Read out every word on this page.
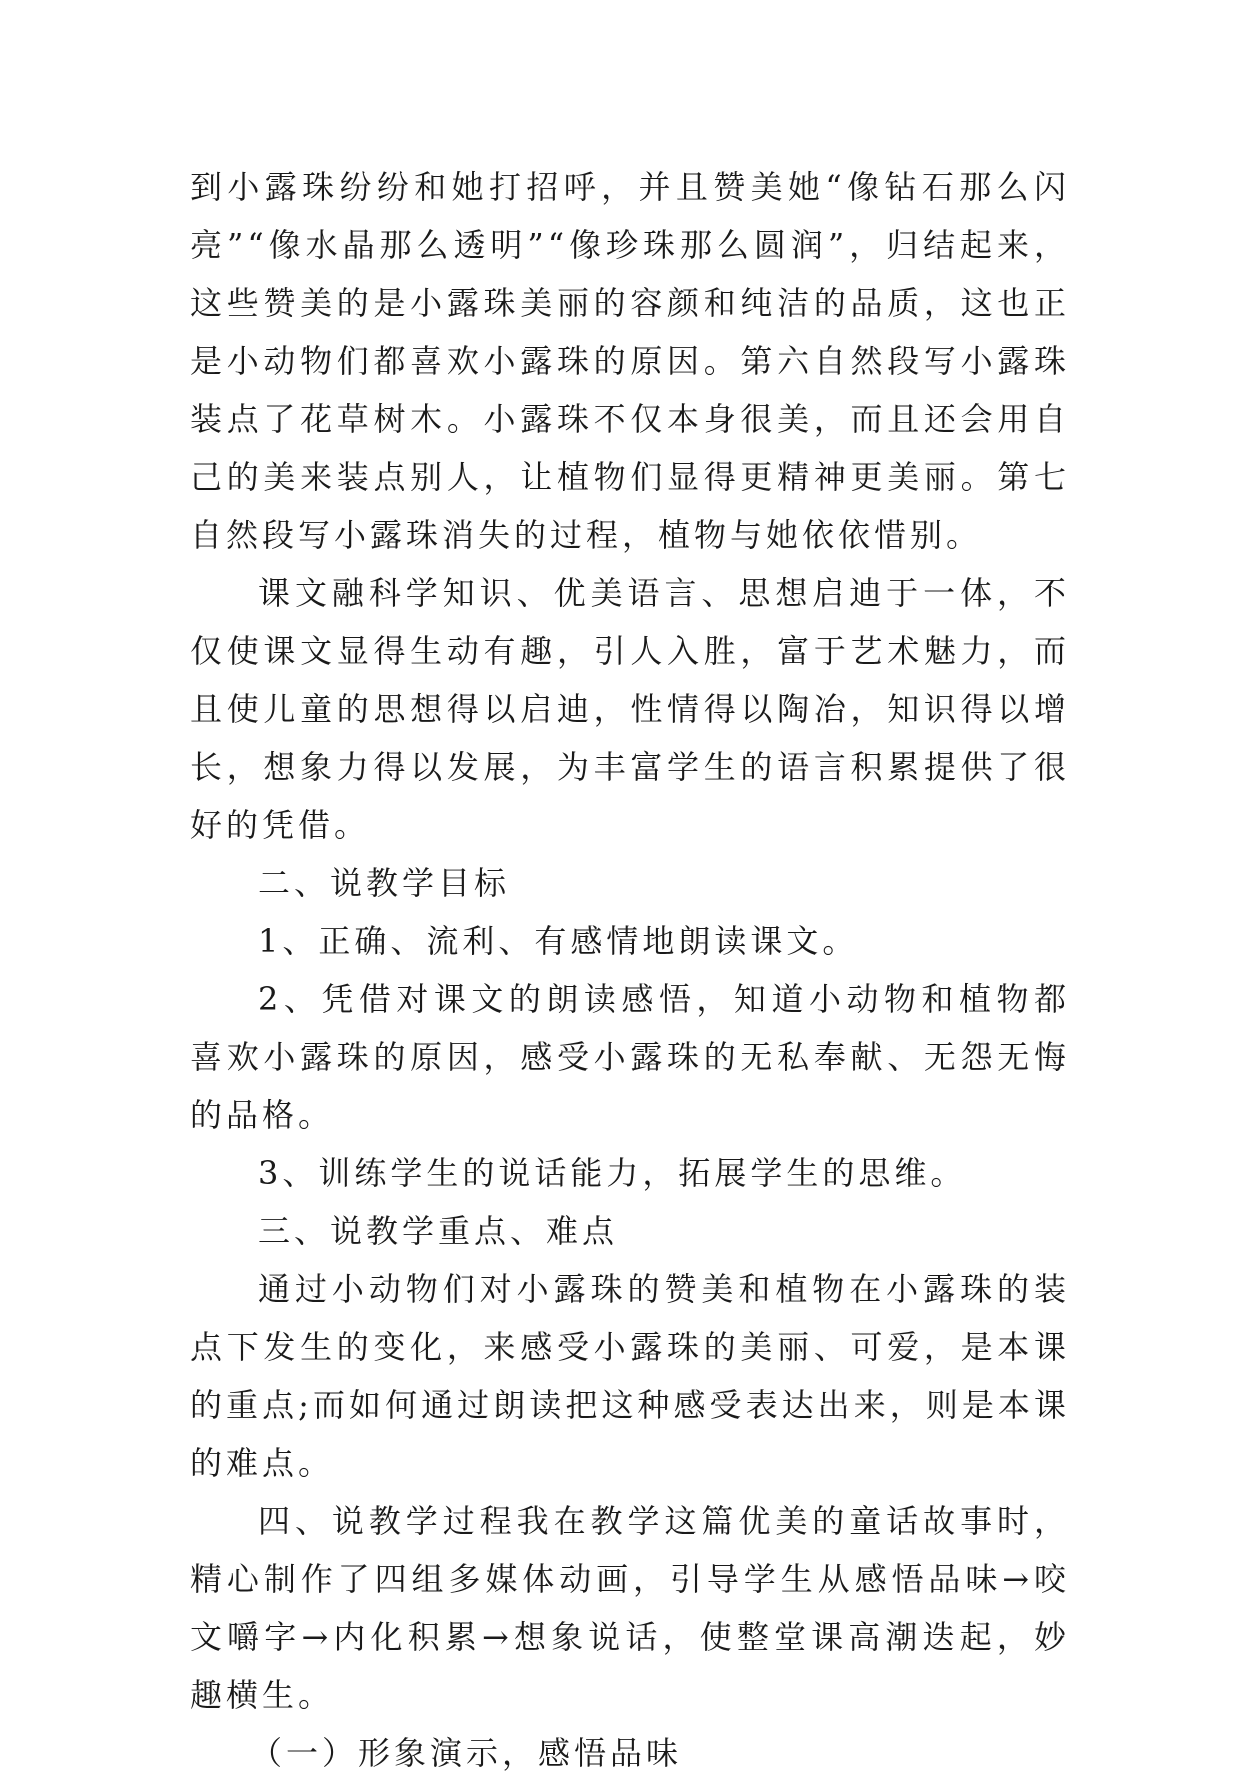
到小露珠纷纷和她打招呼，并且赞美她“像钻石那么闪亮”“像水晶那么透明”“像珍珠那么圆润”，归结起来，这些赞美的是小露珠美丽的容颜和纯洁的品质，这也正是小动物们都喜欢小露珠的原因。第六自然段写小露珠装点了花草树木。小露珠不仅本身很美，而且还会用自己的美来装点别人，让植物们显得更精神更美丽。第七自然段写小露珠消失的过程，植物与她依依惜别。

课文融科学知识、优美语言、思想启迪于一体，不仅使课文显得生动有趣，引人入胜，富于艺术魅力，而且使儿童的思想得以启迪，性情得以陶冶，知识得以增长，想象力得以发展，为丰富学生的语言积累提供了很好的凭借。

二、说教学目标

1、正确、流利、有感情地朗读课文。

2、凭借对课文的朗读感悟，知道小动物和植物都喜欢小露珠的原因，感受小露珠的无私奉献、无怨无悔的品格。

3、训练学生的说话能力，拓展学生的思维。

三、说教学重点、难点

通过小动物们对小露珠的赞美和植物在小露珠的装点下发生的变化，来感受小露珠的美丽、可爱，是本课的重点;而如何通过朗读把这种感受表达出来，则是本课的难点。

四、说教学过程我在教学这篇优美的童话故事时，精心制作了四组多媒体动画，引导学生从感悟品味→咬文嚼字→内化积累→想象说话，使整堂课高潮迭起，妙趣横生。

（一）形象演示，感悟品味
